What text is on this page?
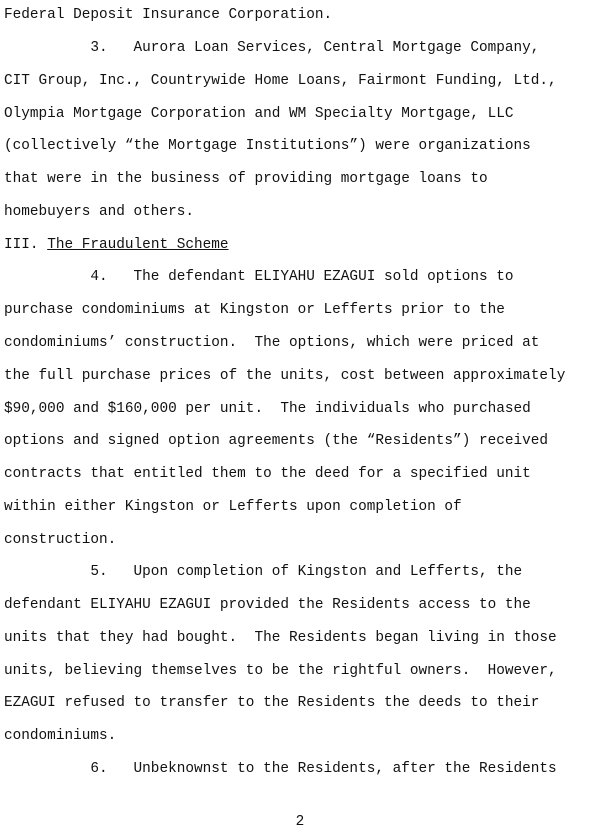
Federal Deposit Insurance Corporation.
3.   Aurora Loan Services, Central Mortgage Company,
CIT Group, Inc., Countrywide Home Loans, Fairmont Funding, Ltd.,
Olympia Mortgage Corporation and WM Specialty Mortgage, LLC
(collectively “the Mortgage Institutions”) were organizations
that were in the business of providing mortgage loans to
homebuyers and others.
III. The Fraudulent Scheme
4.   The defendant ELIYAHU EZAGUI sold options to
purchase condominiums at Kingston or Lefferts prior to the
condominiums’ construction.  The options, which were priced at
the full purchase prices of the units, cost between approximately
$90,000 and $160,000 per unit.  The individuals who purchased
options and signed option agreements (the “Residents”) received
contracts that entitled them to the deed for a specified unit
within either Kingston or Lefferts upon completion of
construction.
5.   Upon completion of Kingston and Lefferts, the
defendant ELIYAHU EZAGUI provided the Residents access to the
units that they had bought.  The Residents began living in those
units, believing themselves to be the rightful owners.  However,
EZAGUI refused to transfer to the Residents the deeds to their
condominiums.
6.   Unbeknownst to the Residents, after the Residents
2
